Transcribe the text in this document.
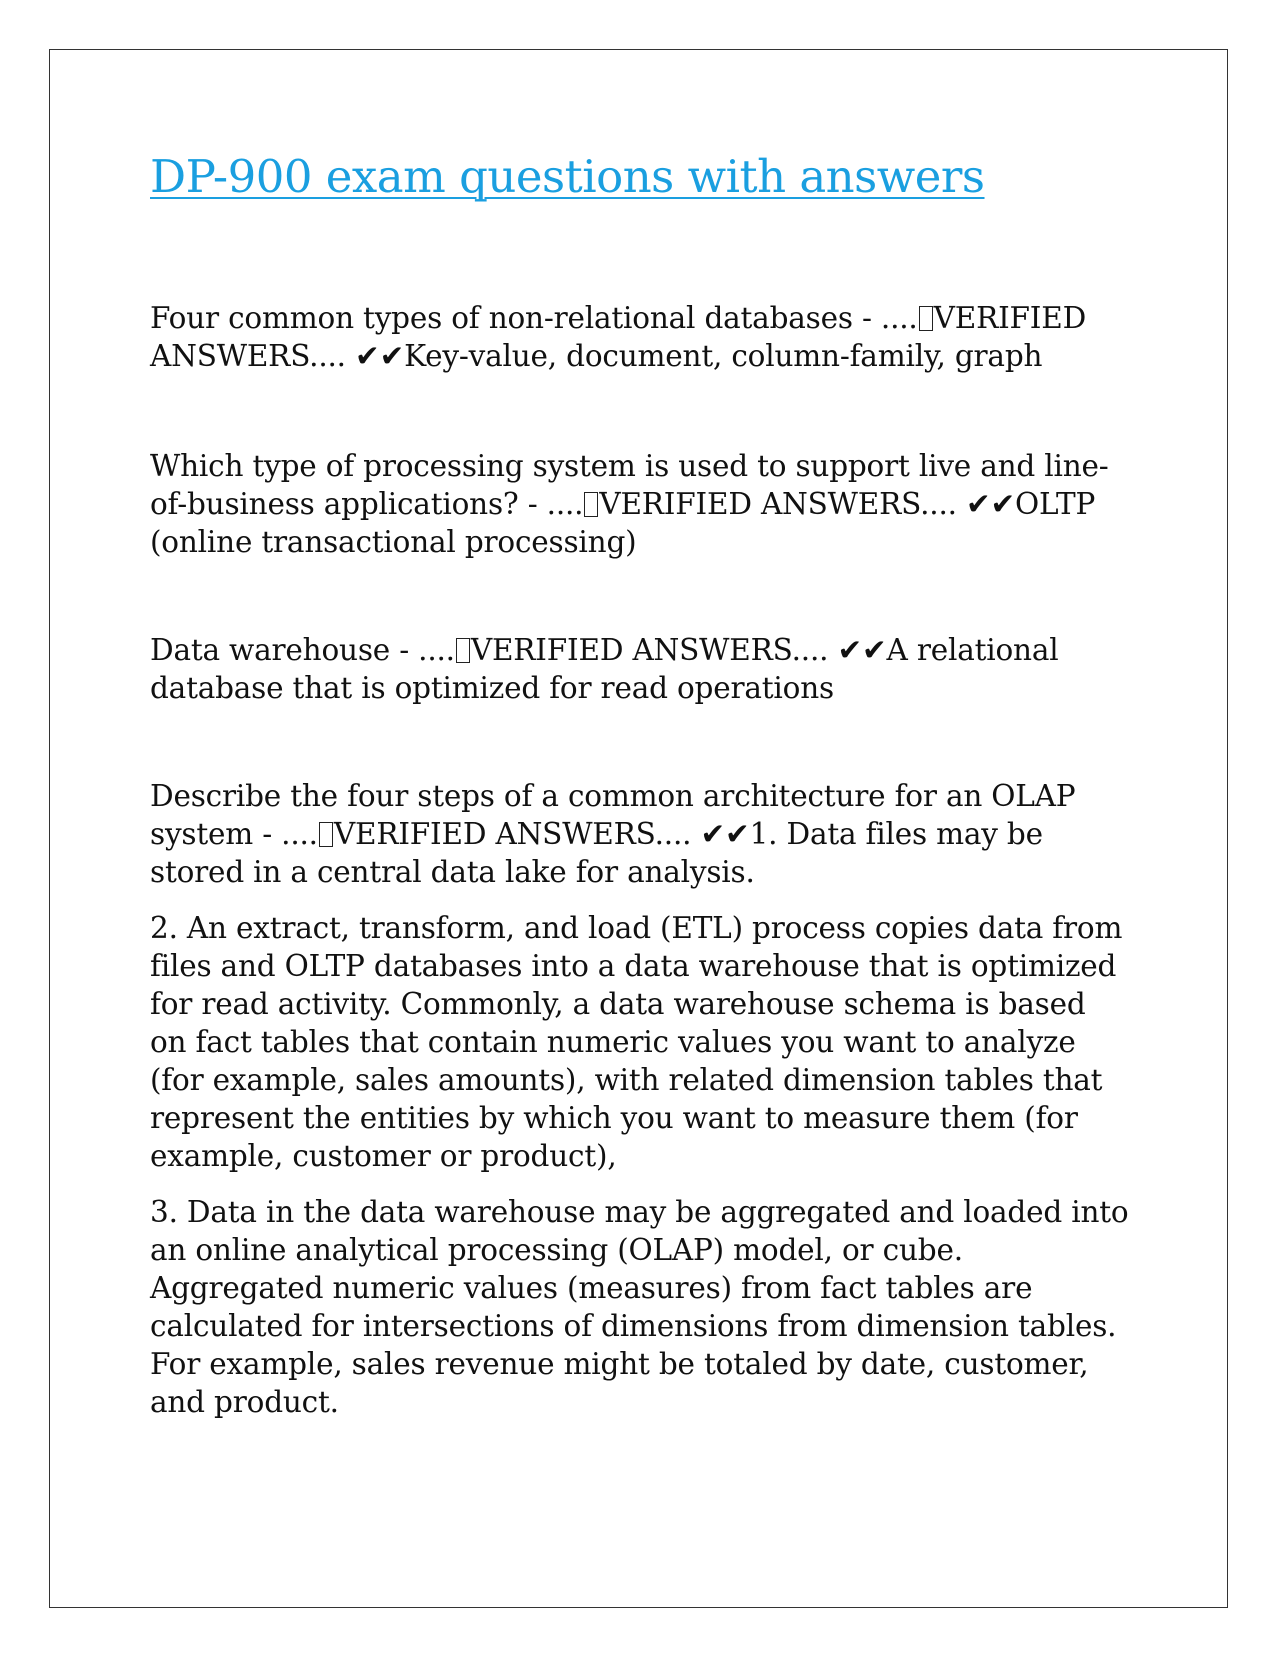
DP-900 exam questions with answers

Four common types of non-relational databases - .... VERIFIED ANSWERS.... ✔✔Key-value, document, column-family, graph

Which type of processing system is used to support live and line-of-business applications? - .... VERIFIED ANSWERS.... ✔✔OLTP (online transactional processing)

Data warehouse - .... VERIFIED ANSWERS.... ✔✔A relational database that is optimized for read operations

Describe the four steps of a common architecture for an OLAP system - .... VERIFIED ANSWERS.... ✔✔1. Data files may be stored in a central data lake for analysis.

2. An extract, transform, and load (ETL) process copies data from files and OLTP databases into a data warehouse that is optimized for read activity. Commonly, a data warehouse schema is based on fact tables that contain numeric values you want to analyze (for example, sales amounts), with related dimension tables that represent the entities by which you want to measure them (for example, customer or product),

3. Data in the data warehouse may be aggregated and loaded into an online analytical processing (OLAP) model, or cube. Aggregated numeric values (measures) from fact tables are calculated for intersections of dimensions from dimension tables. For example, sales revenue might be totaled by date, customer, and product.
